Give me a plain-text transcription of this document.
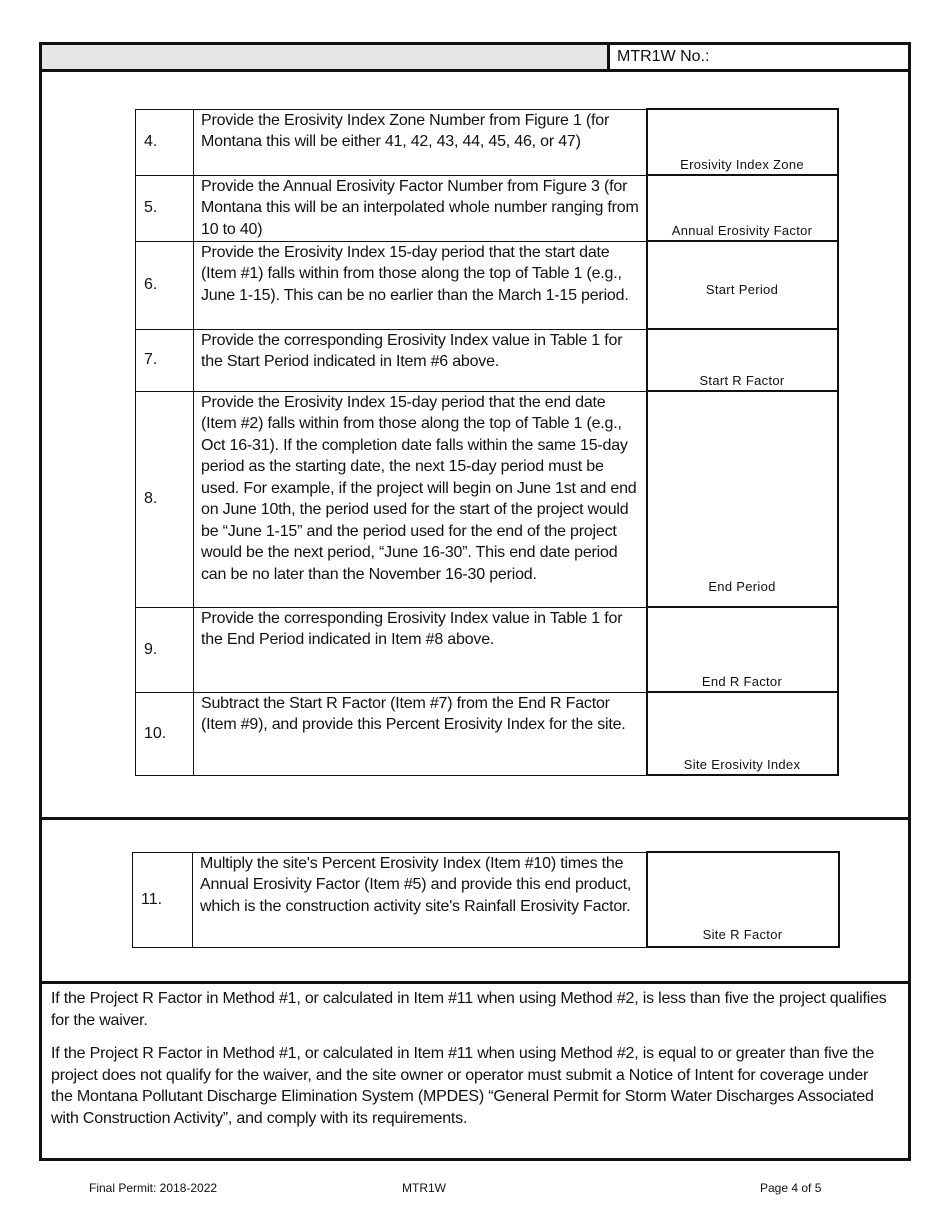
MTR1W No.:
4.	Provide the Erosivity Index Zone Number from Figure 1 (for Montana this will be either 41, 42, 43, 44, 45, 46, or 47)	Erosivity Index Zone
5.	Provide the Annual Erosivity Factor Number from Figure 3 (for Montana this will be an interpolated whole number ranging from 10 to 40)	Annual Erosivity Factor
6.	Provide the Erosivity Index 15-day period that the start date (Item #1) falls within from those along the top of Table 1 (e.g., June 1-15). This can be no earlier than the March 1-15 period.	Start Period
7.	Provide the corresponding Erosivity Index value in Table 1 for the Start Period indicated in Item #6 above.	Start R Factor
8.	Provide the Erosivity Index 15-day period that the end date (Item #2) falls within from those along the top of Table 1 (e.g., Oct 16-31). If the completion date falls within the same 15-day period as the starting date, the next 15-day period must be used. For example, if the project will begin on June 1st and end on June 10th, the period used for the start of the project would be “June 1-15” and the period used for the end of the project would be the next period, “June 16-30”. This end date period can be no later than the November 16-30 period.	End Period
9.	Provide the corresponding Erosivity Index value in Table 1 for the End Period indicated in Item #8 above.	End R Factor
10.	Subtract the Start R Factor (Item #7) from the End R Factor (Item #9), and provide this Percent Erosivity Index for the site.	Site Erosivity Index
11.	Multiply the site's Percent Erosivity Index (Item #10) times the Annual Erosivity Factor (Item #5) and provide this end product, which is the construction activity site's Rainfall Erosivity Factor.	Site R Factor

If the Project R Factor in Method #1, or calculated in Item #11 when using Method #2, is less than five the project qualifies for the waiver.

If the Project R Factor in Method #1, or calculated in Item #11 when using Method #2, is equal to or greater than five the project does not qualify for the waiver, and the site owner or operator must submit a Notice of Intent for coverage under the Montana Pollutant Discharge Elimination System (MPDES) “General Permit for Storm Water Discharges Associated with Construction Activity”, and comply with its requirements.

Final Permit: 2018-2022	MTR1W	Page 4 of 5
